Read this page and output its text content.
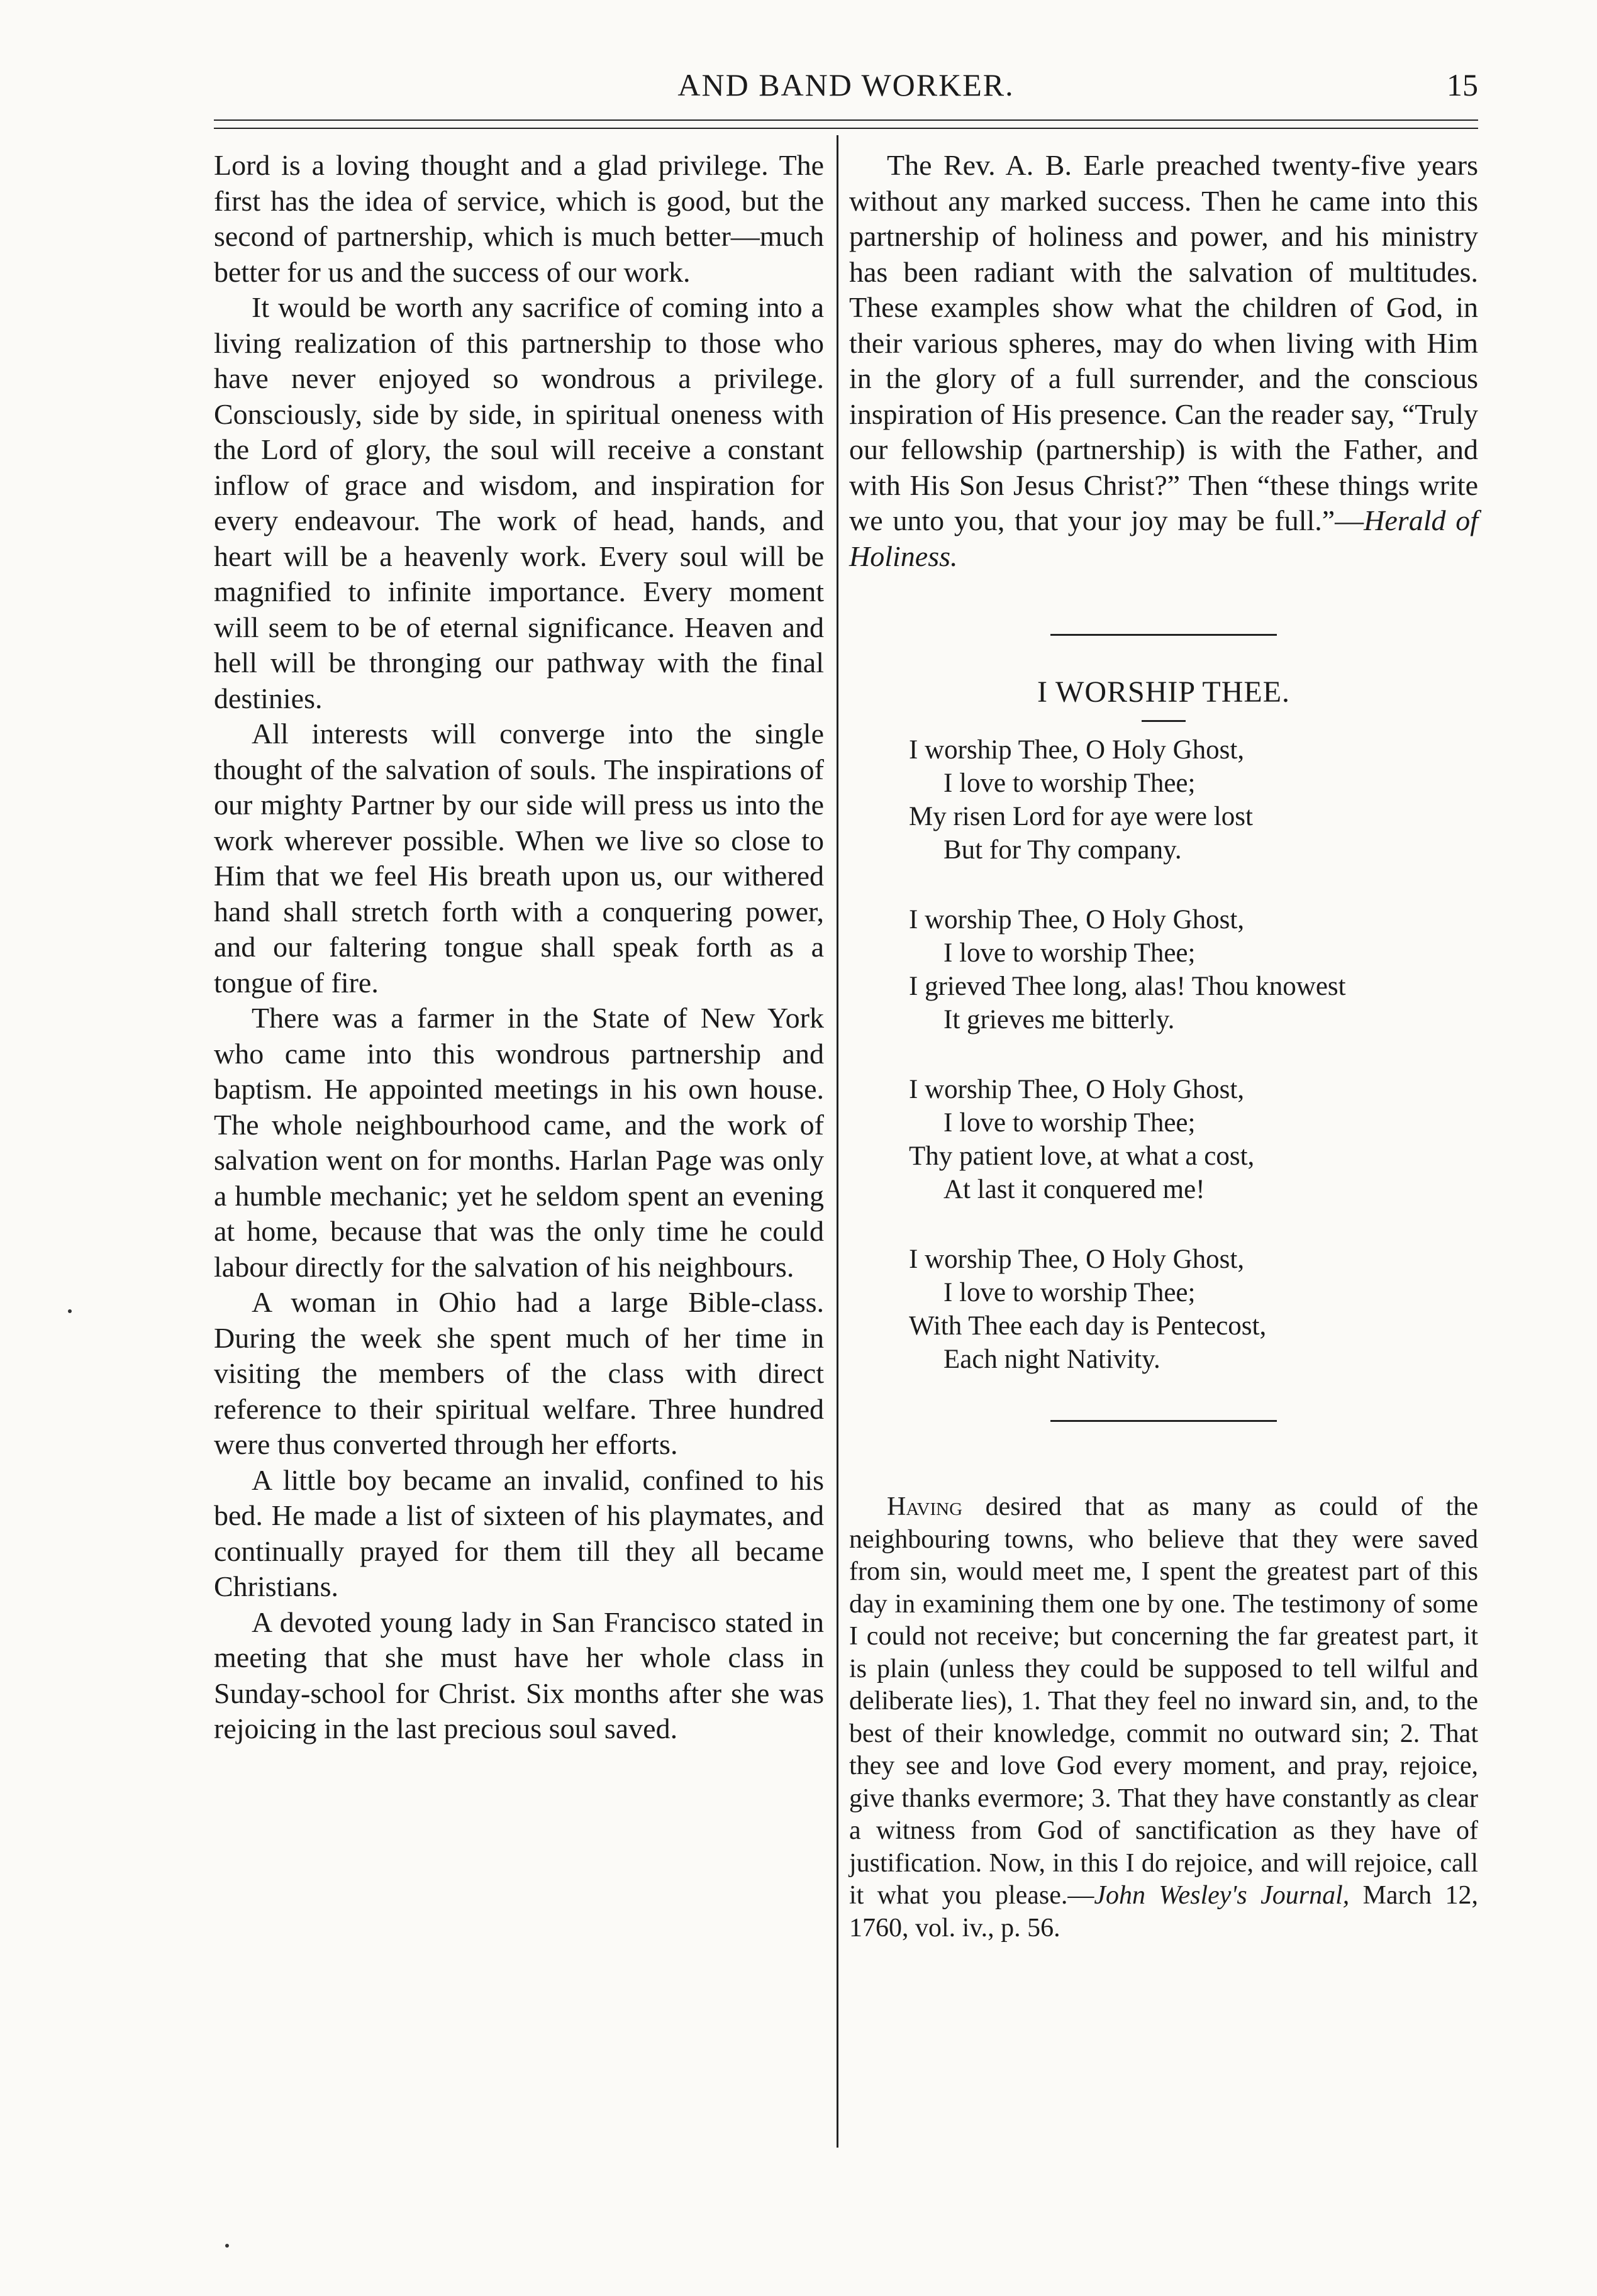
AND BAND WORKER.	15

Lord is a loving thought and a glad privilege. The first has the idea of service, which is good, but the second of partnership, which is much better—much better for us and the success of our work.

It would be worth any sacrifice of coming into a living realization of this partnership to those who have never enjoyed so wondrous a privilege. Consciously, side by side, in spiritual oneness with the Lord of glory, the soul will receive a constant inflow of grace and wisdom, and inspiration for every endeavour. The work of head, hands, and heart will be a heavenly work. Every soul will be magnified to infinite importance. Every moment will seem to be of eternal significance. Heaven and hell will be thronging our pathway with the final destinies.

All interests will converge into the single thought of the salvation of souls. The inspirations of our mighty Partner by our side will press us into the work wherever possible. When we live so close to Him that we feel His breath upon us, our withered hand shall stretch forth with a conquering power, and our faltering tongue shall speak forth as a tongue of fire.

There was a farmer in the State of New York who came into this wondrous partnership and baptism. He appointed meetings in his own house. The whole neighbourhood came, and the work of salvation went on for months. Harlan Page was only a humble mechanic; yet he seldom spent an evening at home, because that was the only time he could labour directly for the salvation of his neighbours.

A woman in Ohio had a large Bible-class. During the week she spent much of her time in visiting the members of the class with direct reference to their spiritual welfare. Three hundred were thus converted through her efforts.

A little boy became an invalid, confined to his bed. He made a list of sixteen of his playmates, and continually prayed for them till they all became Christians.

A devoted young lady in San Francisco stated in meeting that she must have her whole class in Sunday-school for Christ. Six months after she was rejoicing in the last precious soul saved.

The Rev. A. B. Earle preached twenty-five years without any marked success. Then he came into this partnership of holiness and power, and his ministry has been radiant with the salvation of multitudes. These examples show what the children of God, in their various spheres, may do when living with Him in the glory of a full surrender, and the conscious inspiration of His presence. Can the reader say, “Truly our fellowship (partnership) is with the Father, and with His Son Jesus Christ?” Then “these things write we unto you, that your joy may be full.”—Herald of Holiness.

I WORSHIP THEE.
I worship Thee, O Holy Ghost,
I love to worship Thee;
My risen Lord for aye were lost
But for Thy company.
I worship Thee, O Holy Ghost,
I love to worship Thee;
I grieved Thee long, alas! Thou knowest
It grieves me bitterly.
I worship Thee, O Holy Ghost,
I love to worship Thee;
Thy patient love, at what a cost,
At last it conquered me!
I worship Thee, O Holy Ghost,
I love to worship Thee;
With Thee each day is Pentecost,
Each night Nativity.

Having desired that as many as could of the neighbouring towns, who believe that they were saved from sin, would meet me, I spent the greatest part of this day in examining them one by one. The testimony of some I could not receive; but concerning the far greatest part, it is plain (unless they could be supposed to tell wilful and deliberate lies), 1. That they feel no inward sin, and, to the best of their knowledge, commit no outward sin; 2. That they see and love God every moment, and pray, rejoice, give thanks evermore; 3. That they have constantly as clear a witness from God of sanctification as they have of justification. Now, in this I do rejoice, and will rejoice, call it what you please.—John Wesley's Journal, March 12, 1760, vol. iv., p. 56.
